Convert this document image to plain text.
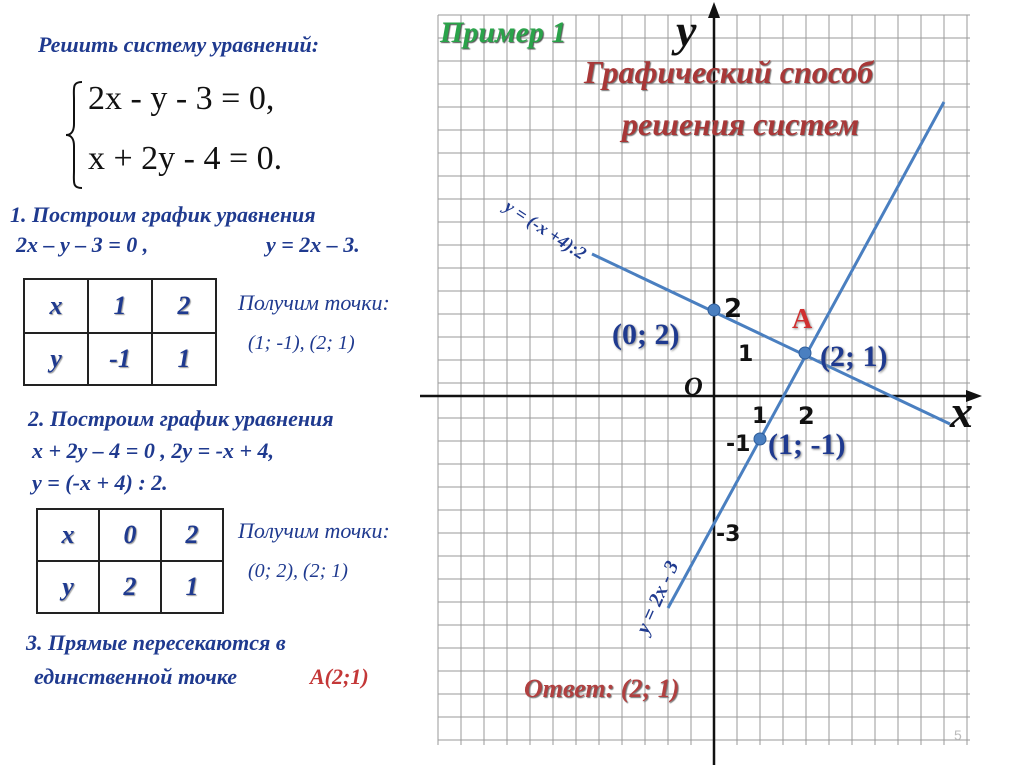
5
Пример 1
Графический способ
решения систем
y
x
O
2
1
1 2
-1
-3
A
(0; 2)
(2; 1)
(1; -1)
y = (-x +4):2
y = 2x - 3
Решить систему уравнений:
2x - y - 3 = 0,
x + 2y - 4 = 0.
1. Построим график уравнения
2x – y – 3 = 0 ,	y = 2x – 3.
x	1	2
y	-1	1
Получим точки:
(1; -1), (2; 1)
2. Построим график уравнения
x + 2y – 4 = 0 , 2y = -x + 4,
y = (-x + 4) : 2.
x	0	2
y	2	1
Получим точки:
(0; 2), (2; 1)
3. Прямые пересекаются в
единственной точке	А(2;1)	Ответ: (2; 1)
